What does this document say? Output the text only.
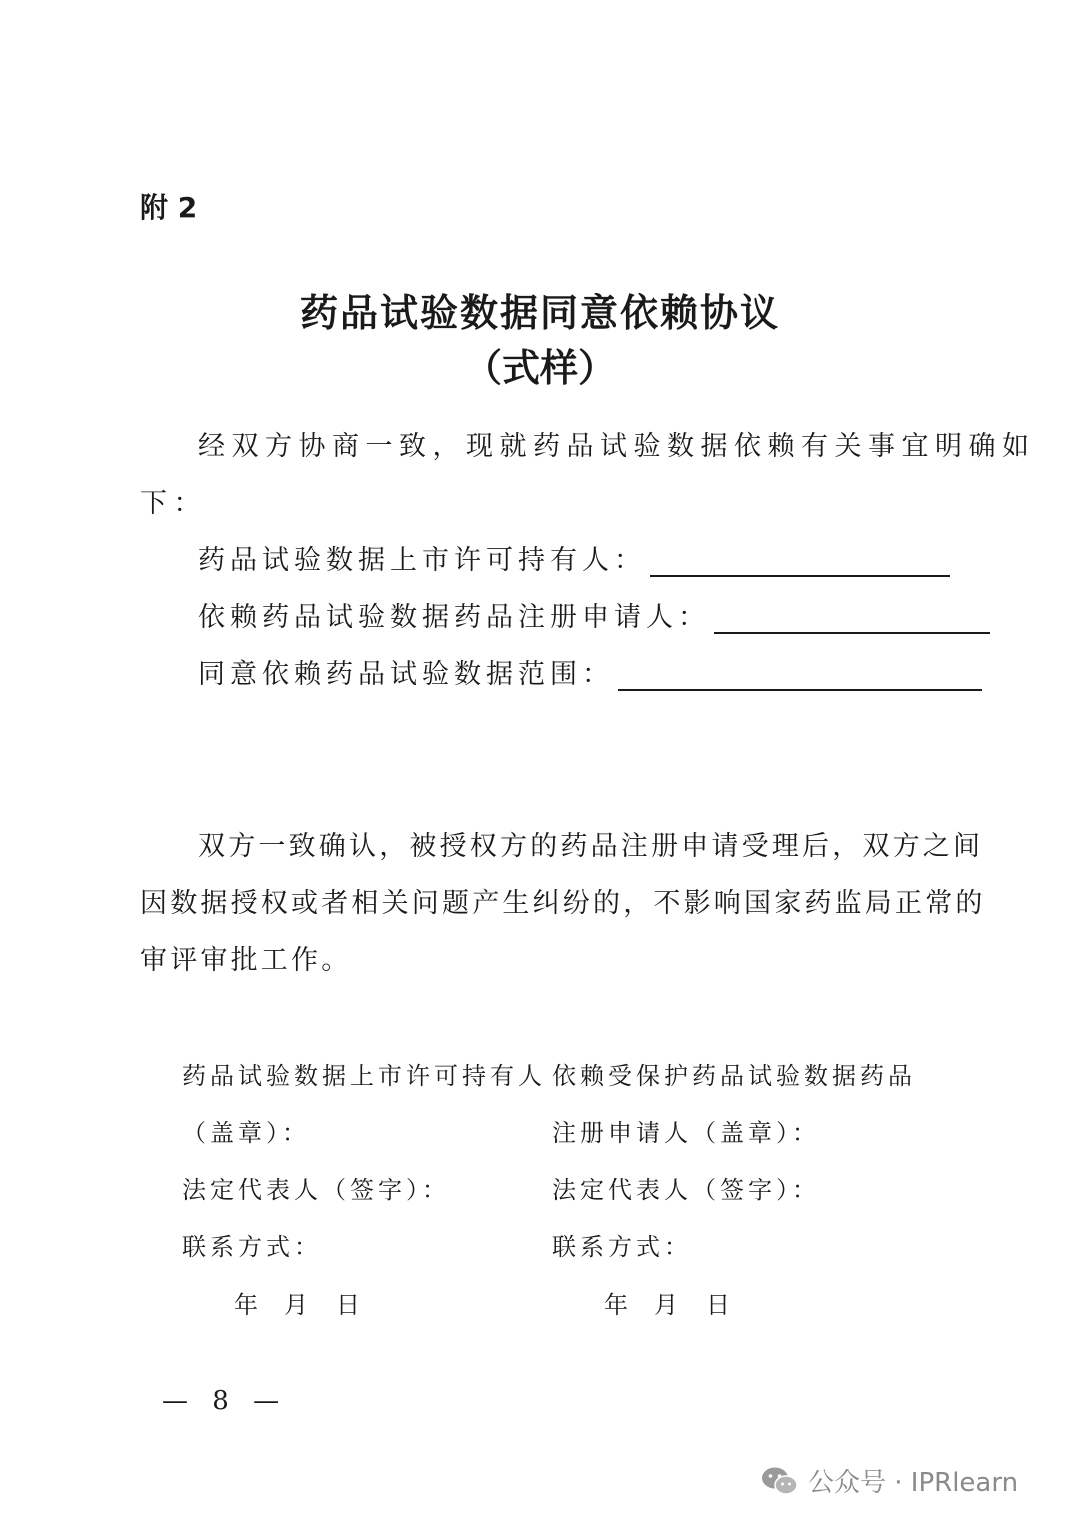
附 2
药品试验数据同意依赖协议
（式样）
经双方协商一致，现就药品试验数据依赖有关事宜明确如
下：
药品试验数据上市许可持有人：
依赖药品试验数据药品注册申请人：
同意依赖药品试验数据范围：
双方一致确认，被授权方的药品注册申请受理后，双方之间
因数据授权或者相关问题产生纠纷的，不影响国家药监局正常的
审评审批工作。
药品试验数据上市许可持有人
（盖章）：
法定代表人（签字）：
联系方式：
年 月 日
依赖受保护药品试验数据药品
注册申请人（盖章）：
法定代表人（签字）：
联系方式：
年 月 日
— 8 —
公众号 · IPRlearn
